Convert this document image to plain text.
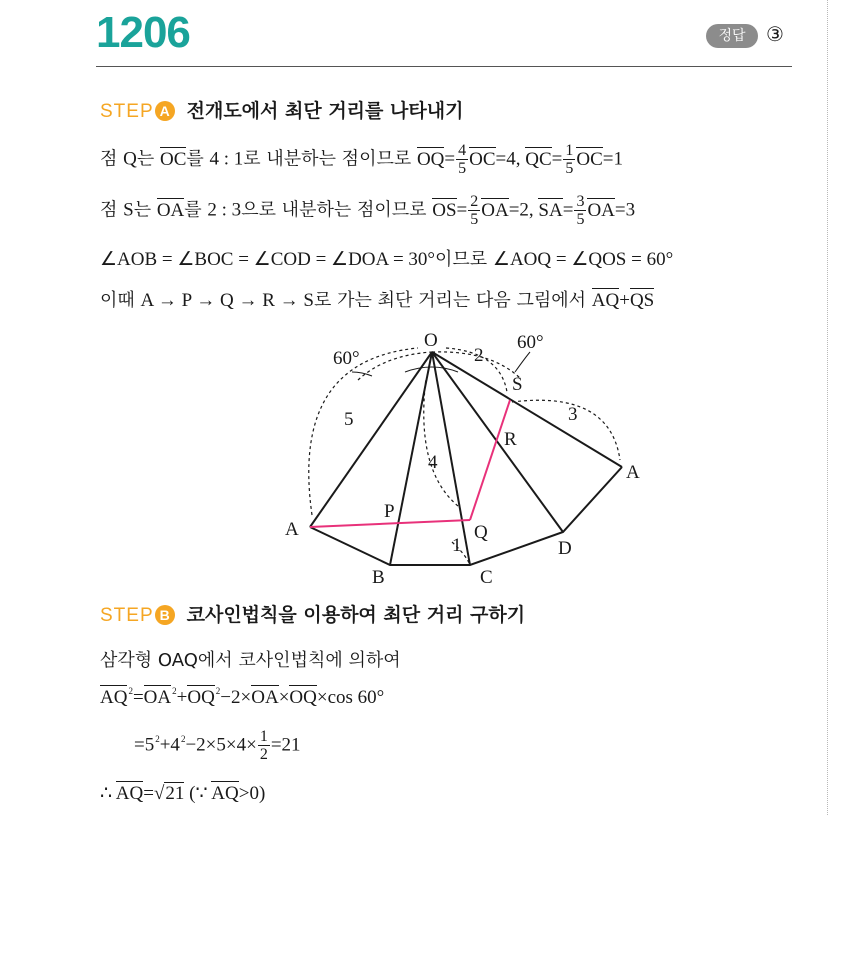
1206	정답	③
STEP A 전개도에서 최단 거리를 나타내기
점 Q는 OC를 4 : 1로 내분하는 점이므로 $OQ= \frac{4}{5} OC=4$, $QC= \frac{1}{5} OC=1$
점 S는 OA를 2 : 3으로 내분하는 점이므로 $OS= \frac{2}{5} OA=2$, $SA= \frac{3}{5} OA=3$
∠AOB = ∠BOC = ∠COD = ∠DOA = 30°이므로 ∠AOQ = ∠QOS = 60°
이때 A → P → Q → R → S로 가는 최단 거리는 다음 그림에서 AQ+QS
O
A
B	C
D
A
P
Q
R
S
60°
60°
5
4
2
3
1
STEP B 코사인법칙을 이용하여 최단 거리 구하기
삼각형 OAQ에서 코사인법칙에 의하여
$AQ^2=OA^2+OQ^2-2\times OA\times OQ\times\cos$ 60°
$=5^2+4^2-2\times 5\times 4\times \frac{1}{2} =21$
∴ AQ=√21 (∵ AQ>0)
